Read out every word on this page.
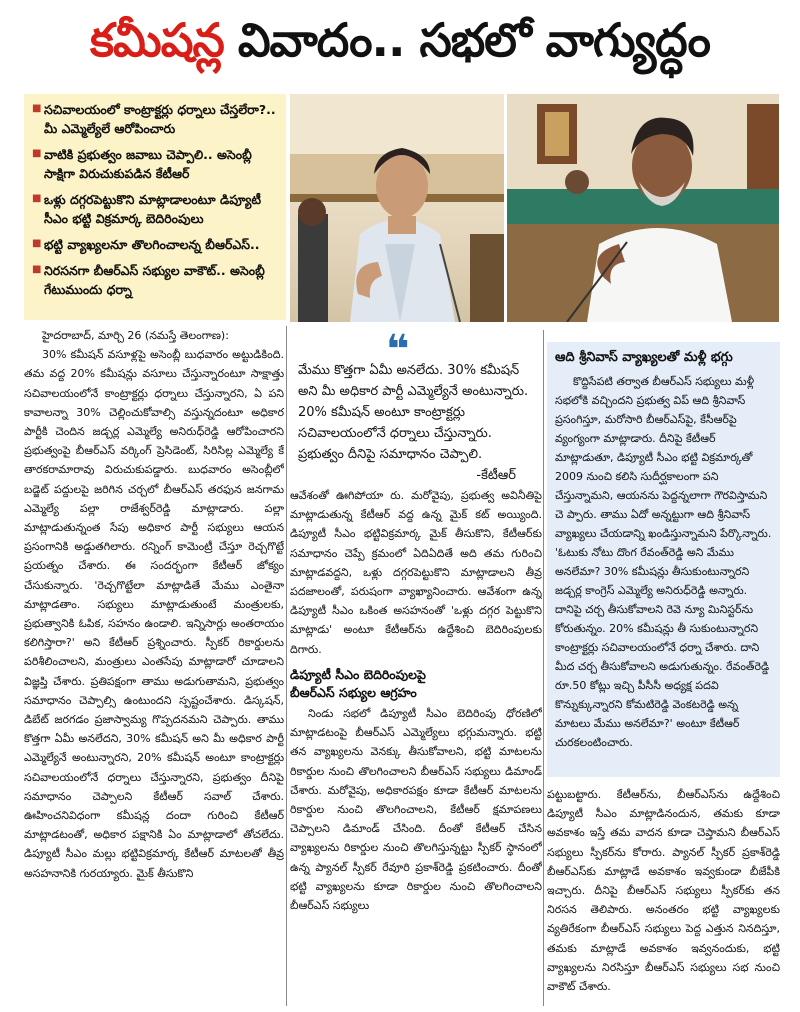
కమీషన్ల వివాదం.. సభలో వాగ్యుద్ధం
■ సచివాలయంలో కాంట్రాక్టర్లు ధర్నాలు చేస్తలేరా?.. మీ ఎమ్మెల్యేలే ఆరోపించారు
■ వాటికి ప్రభుత్వం జవాబు చెప్పాలి.. అసెంబ్లీ సాక్షిగా విరుచుకుపడిన కేటీఆర్
■ ఒళ్లు దగ్గరపెట్టుకొని మాట్లాడాలంటూ డిప్యూటీ సీఎం భట్టి విక్రమార్క బెదిరింపులు
■ భట్టి వ్యాఖ్యలనూ తొలగించాలన్న బీఆర్ఎస్..
■ నిరసనగా బీఆర్ఎస్ సభ్యుల వాకౌట్.. అసెంబ్లీ గేటుముందు ధర్నా
❝
మేము కొత్తగా ఏమీ అనలేదు. 30% కమీషన్ అని మీ అధికార పార్టీ ఎమ్మెల్యేనే అంటున్నారు. 20% కమీషన్ అంటూ కాంట్రాక్టర్లు సచివాలయంలోనే ధర్నాలు చేస్తున్నారు. ప్రభుత్వం దీనిపై సమాధానం చెప్పాలి.
-కేటీఆర్
ఆది శ్రీనివాస్ వ్యాఖ్యలతో మళ్లీ భగ్గు
కొద్దిసేపటి తర్వాత బీఆర్ఎస్ సభ్యులు మళ్లీ సభలోకి వచ్చిందని ప్రభుత్వ విప్ ఆది శ్రీనివాస్ ప్రసంగిస్తూ, మరోసారి బీఆర్ఎస్‌పై, కేసీఆర్‌పై వ్యంగ్యంగా మాట్లాడారు. దీనిపై కేటీఆర్ మాట్లాడుతూ, డిప్యూటీ సీఎం భట్టి విక్రమార్కతో 2009 నుంచి కలిసి సుదీర్ఘకాలంగా పని చేస్తున్నామని, ఆయనను పెద్దన్నలాగా గౌరవిస్తామని చె ప్పారు. తాము ఏదో అన్నట్టుగా ఆది శ్రీనివాస్ వ్యాఖ్యలు చేయడాన్ని ఖండిస్తున్నామని పేర్కొన్నారు. 'ఓటుకు నోటు దొంగ రేవంత్‌రెడ్డి అని మేము అనలేమా? 30% కమీషన్లు తీసుకుంటున్నారని జడ్చర్ల కాంగ్రెస్ ఎమ్మెల్యే అనిరుధ్‌రెడ్డి అన్నారు. దానిపై చర్చ తీసుకోవాలని రెవె న్యూ మినిస్టర్‌ను కోరుతున్నం. 20% కమీషన్లు తీ సుకుంటున్నారని కాంట్రాక్టర్లు సచివాలయంలోనే ధర్నా చేశారు. దాని మీద చర్చ తీసుకోవాలని అడుగుతున్నం. రేవంత్‌రెడ్డి రూ.50 కోట్లు ఇచ్చి పీసీసీ అధ్యక్ష పదవి కొన్నుక్కున్నారని కోమటిరెడ్డి వెంకటరెడ్డి అన్న మాటలు మేము అనలేమా?' అంటూ కేటీఆర్ చురకలంటించారు.

హైదరాబాద్, మార్చి 26 (నమస్తే తెలంగాణ):

30% కమీషన్ వసూళ్లపై అసెంబ్లీ బుధవారం అట్టుడికింది. తమ వద్ద 20% కమీషన్లు వసూలు చేస్తున్నారంటూ సాక్షాత్తు సచివాలయంలోనే కాంట్రాక్టర్లు ధర్నాలు చేస్తున్నారని, ఏ పని కావాలన్నా 30% చెల్లించుకోవాల్సి వస్తున్నదంటూ అధికార పార్టీకి చెందిన జడ్చర్ల ఎమ్మెల్యే అనిరుధ్‌రెడ్డి ఆరోపించారని ప్రభుత్వంపై బీఆర్ఎస్ వర్కింగ్ ప్రెసిడెంట్, సిరిసిల్ల ఎమ్మెల్యే కే తారకరామారావు విరుచుకుపడ్డారు. బుధవారం అసెంబ్లీలో బడ్జెట్ పద్దులపై జరిగిన చర్చలో బీఆర్ఎస్ తరఫున జనగామ ఎమ్మెల్యే పల్లా రాజేశ్వర్‌రెడ్డి మాట్లాడారు. పల్లా మాట్లాడుతున్నంత సేపు అధికార పార్టీ సభ్యులు ఆయన ప్రసంగానికి అడ్డుతగిలారు. రన్నింగ్ కామెంట్రీ చేస్తూ రెచ్చగొట్టే ప్రయత్నం చేశారు. ఈ సందర్భంగా కేటీఆర్ జోక్యం చేసుకున్నారు. 'రెచ్చగొట్టేలా మాట్లాడితే మేము ఎంతైనా మాట్లాడతాం. సభ్యులు మాట్లాడుతుంటే మంత్రులకు, ప్రభుత్వానికి ఓపిక, సహనం ఉండాలి. ఇన్నిసార్లు అంతరాయం కలిగిస్తారా?' అని కేటీఆర్ ప్రశ్నించారు. స్పీకర్ రికార్డులను పరిశీలించాలని, మంత్రులు ఎంతసేపు మాట్లాడారో చూడాలని విజ్ఞప్తి చేశారు. ప్రతిపక్షంగా తాము అడుగుతామని, ప్రభుత్వం సమాధానం చెప్పాల్సి ఉంటుందని స్పష్టంచేశారు. డిస్కషన్, డిబేట్ జరగడం ప్రజాస్వామ్య గొప్పదనమని చెప్పారు. తాము కొత్తగా ఏమీ అనలేదని, 30% కమీషన్ అని మీ అధికార పార్టీ ఎమ్మెల్యేనే అంటున్నారని, 20% కమీషన్ అంటూ కాంట్రాక్టర్లు సచివాలయంలోనే ధర్నాలు చేస్తున్నారని, ప్రభుత్వం దీనిపై సమాధానం చెప్పాలని కేటీఆర్ సవాల్ చేశారు. ఊహించనివిధంగా కమీషన్ల దందా గురించి కేటీఆర్ మాట్లాడటంతో, అధికార పక్షానికి ఏం మాట్లాడాలో తోచలేదు. డిప్యూటీ సీఎం మల్లు భట్టివిక్రమార్క కేటీఆర్ మాటలతో తీవ్ర అసహనానికి గురయ్యారు. మైక్ తీసుకొని

ఆవేశంతో ఊగిపోయా రు. మరోవైపు, ప్రభుత్వ అవినీతిపై మాట్లాడుతున్న కేటీఆర్ వద్ద ఉన్న మైక్ కట్ అయ్యింది. డిప్యూటీ సీఎం భట్టివిక్రమార్క మైక్ తీసుకొని, కేటీఆర్‌కు సమాధానం చెప్పే క్రమంలో ఏదిఏదితే అది తమ గురించి మాట్లాడవద్దని, ఒళ్లు దగ్గరపెట్టుకొని మాట్లాడాలని తీవ్ర పదజాలంతో, పరుషంగా వ్యాఖ్యానించారు. ఆవేశంగా ఉన్న డిప్యూటీ సీఎం ఒకింత అసహనంతో 'ఒళ్లు దగ్గర పెట్టుకొని మాట్లాడు' అంటూ కేటీఆర్‌ను ఉద్దేశించి బెదిరింపులకు దిగారు.

డిప్యూటీ సీఎం బెదిరింపులపై
బీఆర్ఎస్ సభ్యుల ఆగ్రహం

నిండు సభలో డిప్యూటీ సీఎం బెదిరింపు ధోరణిలో మాట్లాడటంపై బీఆర్ఎస్ ఎమ్మెల్యేలు భగ్గుమన్నారు. భట్టి తన వ్యాఖ్యలను వెనక్కు తీసుకోవాలని, భట్టి మాటలను రికార్డుల నుంచి తొలగించాలని బీఆర్ఎస్ సభ్యులు డిమాండ్ చేశారు. మరోవైపు, అధికారపక్షం కూడా కేటీఆర్ మాటలను రికార్డుల నుంచి తొలగించాలని, కేటీఆర్ క్షమాపణలు చెప్పాలని డిమాండ్ చేసింది. దీంతో కేటీఆర్ చేసిన వ్యాఖ్యలను రికార్డుల నుంచి తొలగిస్తున్నట్టు స్పీకర్ స్థానంలో ఉన్న ప్యానల్ స్పీకర్ రేవూరి ప్రకాశ్‌రెడ్డి ప్రకటించారు. దీంతో భట్టి వ్యాఖ్యలను కూడా రికార్డుల నుంచి తొలగించాలని బీఆర్ఎస్ సభ్యులు

పట్టుబట్టారు. కేటీఆర్‌ను, బీఆర్ఎస్‌ను ఉద్దేశించి డిప్యూటీ సీఎం మాట్లాడినందున, తమకు కూడా అవకాశం ఇస్తే తమ వాదన కూడా చెప్తామని బీఆర్ఎస్ సభ్యులు స్పీకర్‌ను కోరారు. ప్యానల్ స్పీకర్ ప్రకాశ్‌రెడ్డి బీఆర్ఎస్‌కు మాట్లాడే అవకాశం ఇవ్వకుండా బీజేపీకి ఇచ్చారు. దీనిపై బీఆర్ఎస్ సభ్యులు స్పీకర్‌కు తన నిరసన తెలిపారు. అనంతరం భట్టి వ్యాఖ్యలకు వ్యతిరేకంగా బీఆర్ఎస్ సభ్యులు పెద్ద ఎత్తున నినదిస్తూ, తమకు మాట్లాడే అవకాశం ఇవ్వనందుకు, భట్టి వ్యాఖ్యలను నిరసిస్తూ బీఆర్ఎస్ సభ్యులు సభ నుంచి వాకౌట్ చేశారు.
